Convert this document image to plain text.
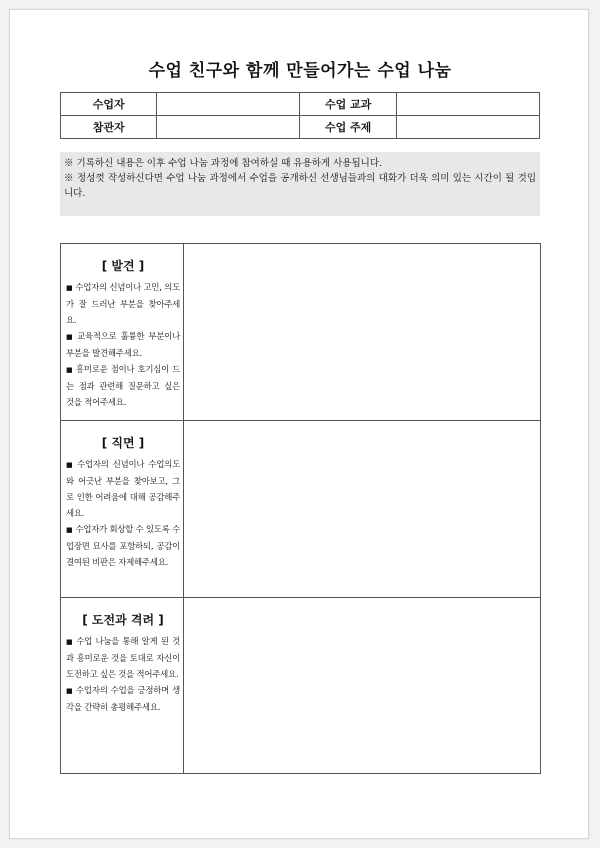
수업 친구와 함께 만들어가는 수업 나눔
수업자		수업 교과	
참관자		수업 주제	

※ 기록하신 내용은 이후 수업 나눔 과정에 참여하실 때 유용하게 사용됩니다.

※ 정성껏 작성하신다면 수업 나눔 과정에서 수업을 공개하신 선생님들과의 대화가 더욱 의미 있는 시간이 될 것입니다.

[ 발견 ]
■ 수업자의 신념이나 고민, 의도가 잘 드러난 부분을 찾아주세요.
■ 교육적으로 훌륭한 부분이나 부분을 발견해주세요.
■ 흥미로운 점이나 호기심이 드는 점과 관련해 질문하고 싶은 것을 적어주세요.	

[ 직면 ]
■ 수업자의 신념이나 수업의도와 어긋난 부분을 찾아보고, 그로 인한 어려움에 대해 공감해주세요.
■ 수업자가 회상할 수 있도록 수업장면 묘사를 포함하되, 공감이 결여된 비판은 자제해주세요.	

[ 도전과 격려 ]
■ 수업 나눔을 통해 알게 된 것과 흥미로운 것을 토대로 자신이 도전하고 싶은 것을 적어주세요.
■ 수업자의 수업을 긍정하며 생각을 간략히 총평해주세요.	
